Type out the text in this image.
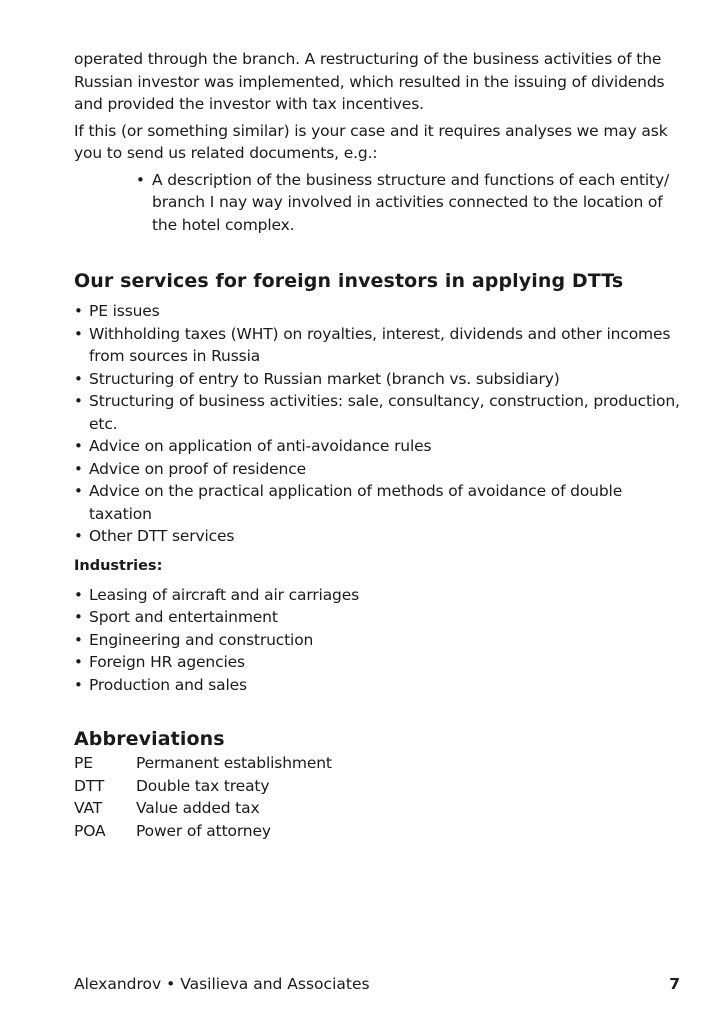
operated through the branch. A restructuring of the business activities of the Russian investor was implemented, which resulted in the issuing of dividends and provided the investor with tax incentives.

If this (or something similar) is your case and it requires analyses we may ask you to send us related documents, e.g.:

• A description of the business structure and functions of each entity/ branch I nay way involved in activities connected to the location of the hotel complex.
Our services for foreign investors in applying DTTs
• PE issues
• Withholding taxes (WHT) on royalties, interest, dividends and other incomes from sources in Russia
• Structuring of entry to Russian market (branch vs. subsidiary)
• Structuring of business activities: sale, consultancy, construction, production, etc.
• Advice on application of anti-avoidance rules
• Advice on proof of residence
• Advice on the practical application of methods of avoidance of double taxation
• Other DTT services
Industries:
• Leasing of aircraft and air carriages
• Sport and entertainment
• Engineering and construction
• Foreign HR agencies
• Production and sales
Abbreviations
PE	Permanent establishment
DTT	Double tax treaty
VAT	Value added tax
POA	Power of attorney
Alexandrov • Vasilieva and Associates	7
